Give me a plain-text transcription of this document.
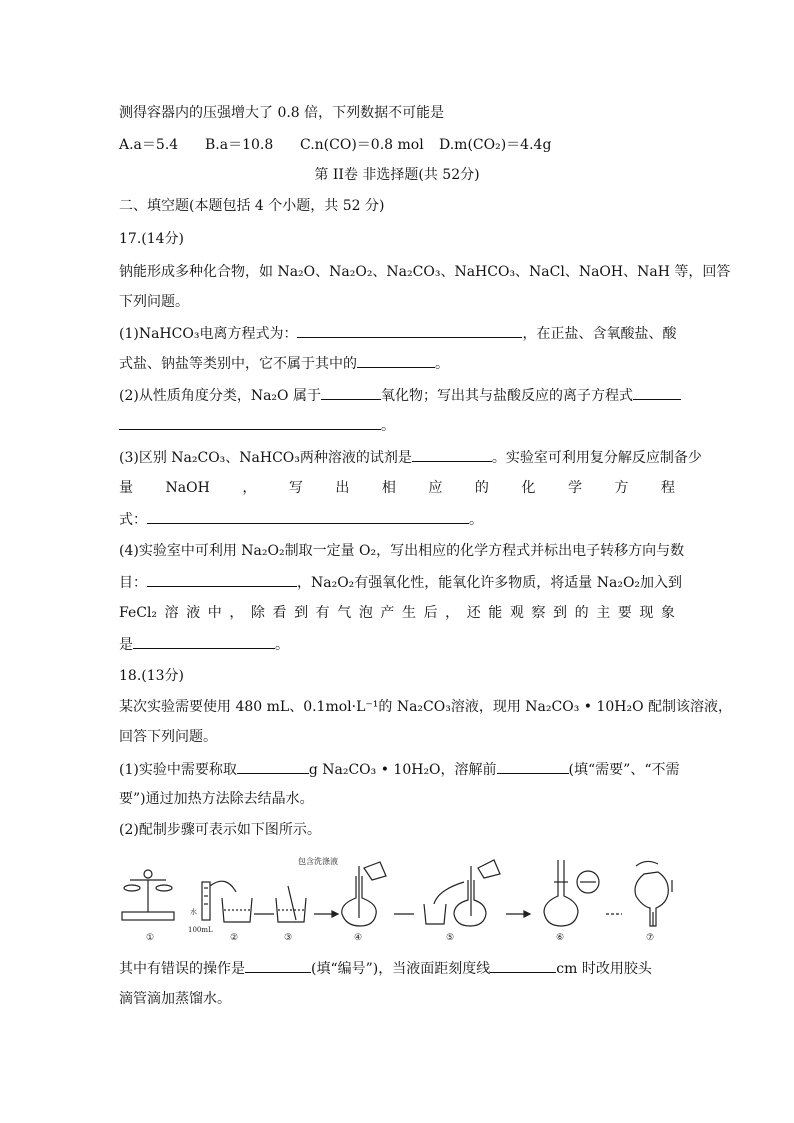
测得容器内的压强增大了 0.8 倍，下列数据不可能是
A.a＝5.4 B.a＝10.8 C.n(CO)＝0.8 mol D.m(CO₂)＝4.4g
第 II卷 非选择题(共 52分)
二、填空题(本题包括 4 个小题，共 52 分)
17.(14分)
钠能形成多种化合物，如 Na₂O、Na₂O₂、Na₂CO₃、NaHCO₃、NaCl、NaOH、NaH 等，回答
下列问题。
(1)NaHCO₃电离方程式为：	，在正盐、含氧酸盐、酸
式盐、钠盐等类别中，它不属于其中的	。
(2)从性质角度分类，Na₂O 属于	氧化物；写出其与盐酸反应的离子方程式
。
(3)区别 Na₂CO₃、NaHCO₃两种溶液的试剂是	。实验室可利用复分解反应制备少
量 NaOH ， 写 出 相 应 的 化 学 方 程
式：	。
(4)实验室中可利用 Na₂O₂制取一定量 O₂，写出相应的化学方程式并标出电子转移方向与数
目：	，Na₂O₂有强氧化性，能氧化许多物质，将适量 Na₂O₂加入到
FeCl₂ 溶 液 中 ， 除 看 到 有 气 泡 产 生 后 ， 还 能 观 察 到 的 主 要 现 象
是	。
18.(13分)
某次实验需要使用 480 mL、0.1mol·L⁻¹的 Na₂CO₃溶液，现用 Na₂CO₃ • 10H₂O 配制该溶液，
回答下列问题。
(1)实验中需要称取	g Na₂CO₃ • 10H₂O，溶解前	(填“需要”、“不需
要”)通过加热方法除去结晶水。
(2)配制步骤可表示如下图所示。
包含洗涤液
①
水
100mL
②	③	④	⑤	⑥	⑦
其中有错误的操作是	(填“编号”)，当液面距刻度线	cm 时改用胶头
滴管滴加蒸馏水。
